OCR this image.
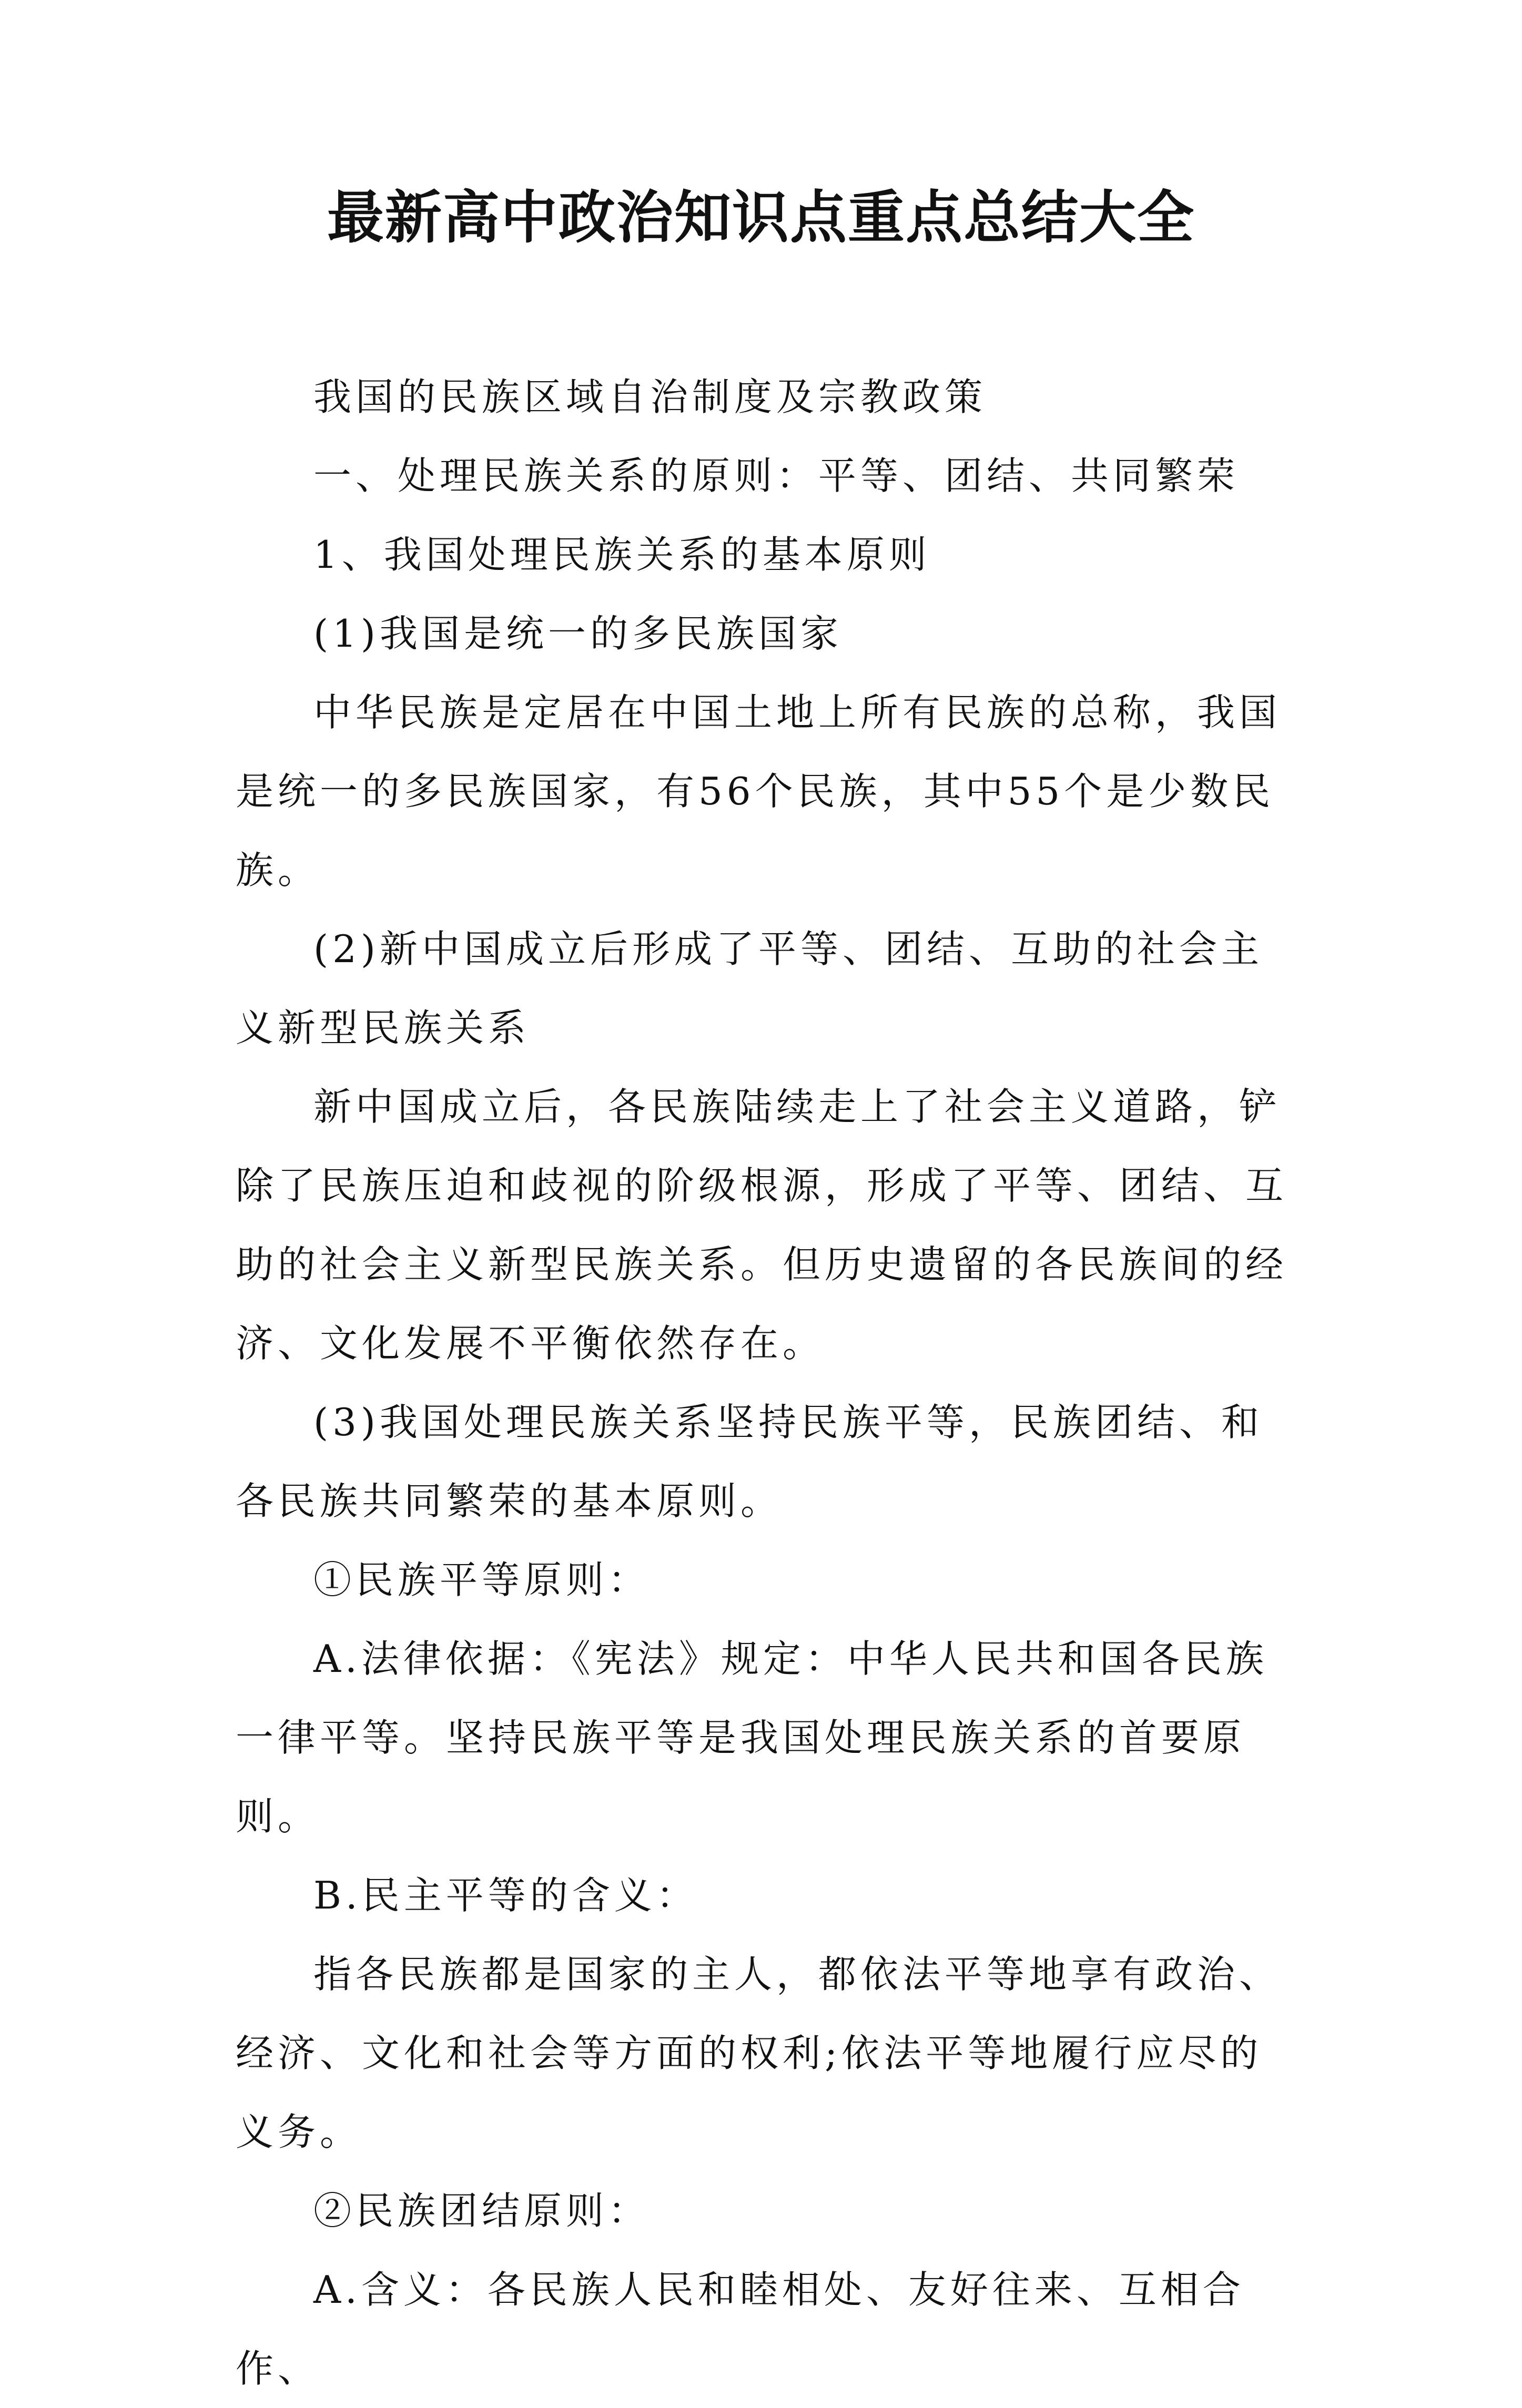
最新高中政治知识点重点总结大全

我国的民族区域自治制度及宗教政策

一、处理民族关系的原则：平等、团结、共同繁荣

1、我国处理民族关系的基本原则

(1)我国是统一的多民族国家

中华民族是定居在中国土地上所有民族的总称，我国是统一的多民族国家，有56个民族，其中55个是少数民族。

(2)新中国成立后形成了平等、团结、互助的社会主义新型民族关系

新中国成立后，各民族陆续走上了社会主义道路，铲除了民族压迫和歧视的阶级根源，形成了平等、团结、互助的社会主义新型民族关系。但历史遗留的各民族间的经济、文化发展不平衡依然存在。

(3)我国处理民族关系坚持民族平等，民族团结、和各民族共同繁荣的基本原则。

①民族平等原则：

A.法律依据：《宪法》规定：中华人民共和国各民族一律平等。坚持民族平等是我国处理民族关系的首要原则。

B.民主平等的含义：

指各民族都是国家的主人，都依法平等地享有政治、经济、文化和社会等方面的权利;依法平等地履行应尽的义务。

②民族团结原则：

A.含义：各民族人民和睦相处、友好往来、互相合作、
